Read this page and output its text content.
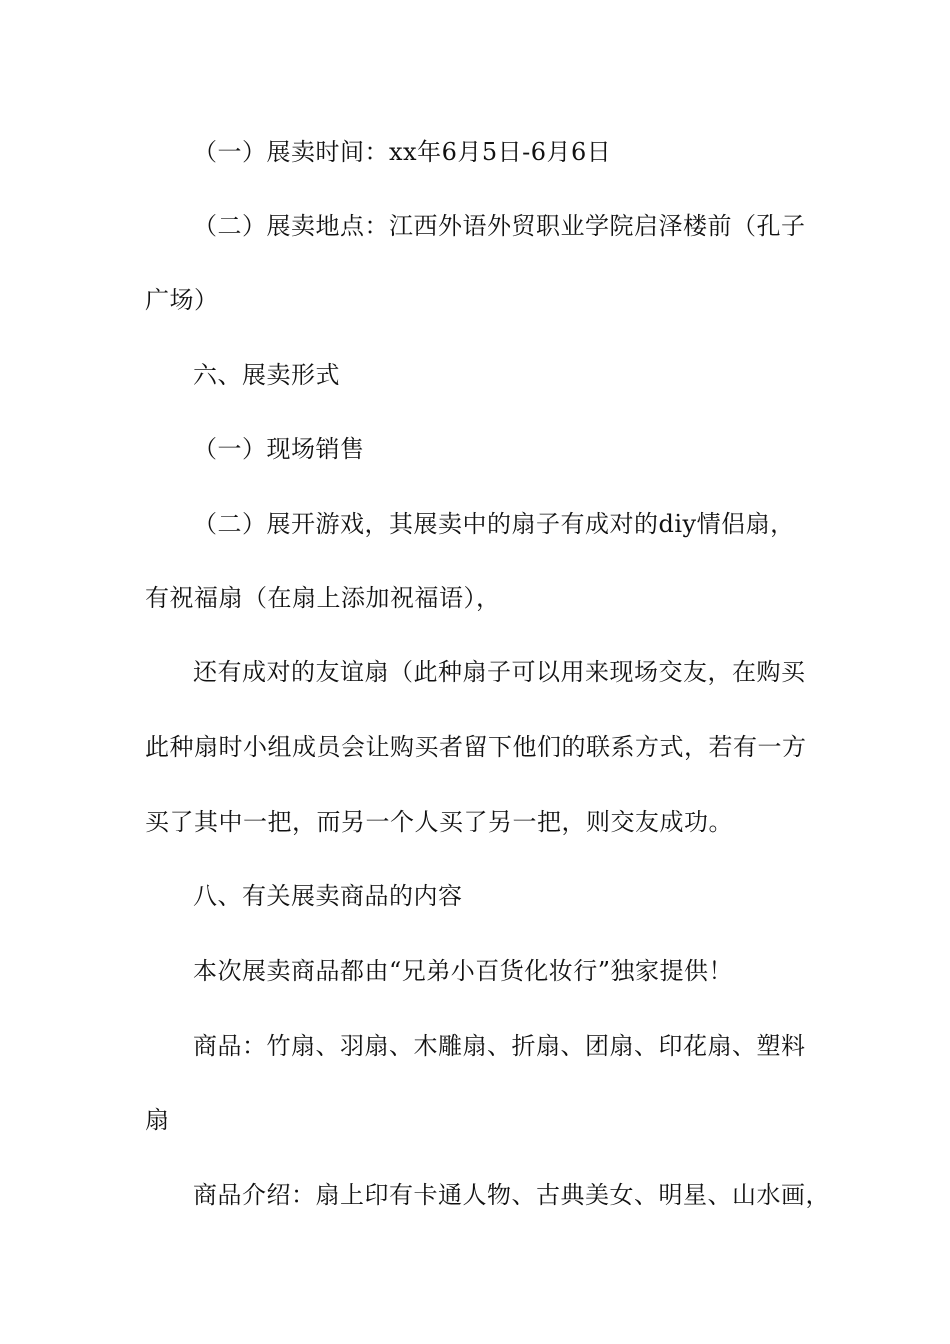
（一）展卖时间：xx年6月5日-6月6日
（二）展卖地点：江西外语外贸职业学院启泽楼前（孔子
广场）
六、展卖形式
（一）现场销售
（二）展开游戏，其展卖中的扇子有成对的diy情侣扇，
有祝福扇（在扇上添加祝福语），
还有成对的友谊扇（此种扇子可以用来现场交友，在购买
此种扇时小组成员会让购买者留下他们的联系方式，若有一方
买了其中一把，而另一个人买了另一把，则交友成功。
八、有关展卖商品的内容
本次展卖商品都由“兄弟小百货化妆行”独家提供！
商品：竹扇、羽扇、木雕扇、折扇、团扇、印花扇、塑料
扇
商品介绍：扇上印有卡通人物、古典美女、明星、山水画，
